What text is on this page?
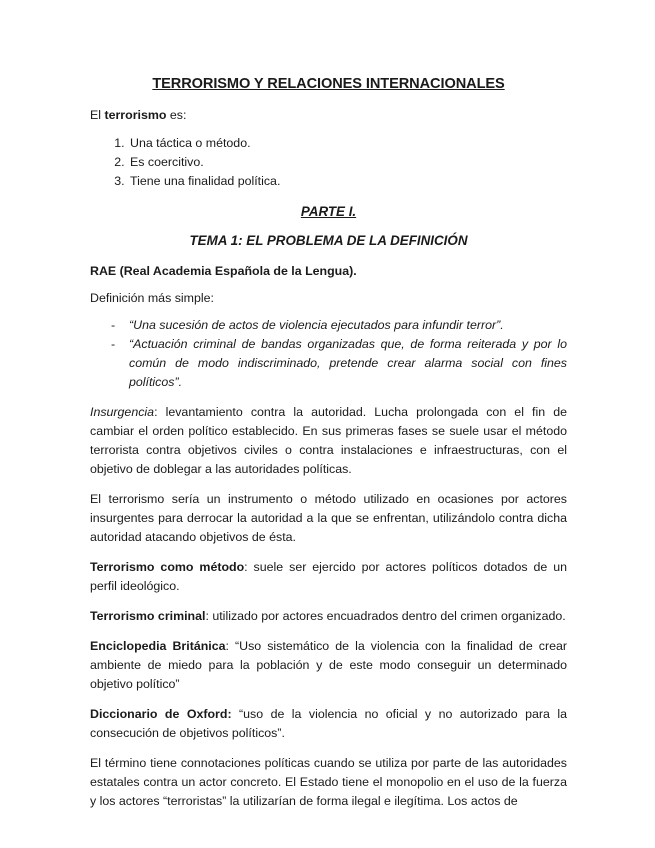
TERRORISMO Y RELACIONES INTERNACIONALES

El terrorismo es:

1. Una táctica o método.
2. Es coercitivo.
3. Tiene una finalidad política.
PARTE I.
TEMA 1: EL PROBLEMA DE LA DEFINICIÓN

RAE (Real Academia Española de la Lengua).

Definición más simple:

- “Una sucesión de actos de violencia ejecutados para infundir terror”.
- “Actuación criminal de bandas organizadas que, de forma reiterada y por lo común de modo indiscriminado, pretende crear alarma social con fines políticos”.

Insurgencia: levantamiento contra la autoridad. Lucha prolongada con el fin de cambiar el orden político establecido. En sus primeras fases se suele usar el método terrorista contra objetivos civiles o contra instalaciones e infraestructuras, con el objetivo de doblegar a las autoridades políticas.

El terrorismo sería un instrumento o método utilizado en ocasiones por actores insurgentes para derrocar la autoridad a la que se enfrentan, utilizándolo contra dicha autoridad atacando objetivos de ésta.

Terrorismo como método: suele ser ejercido por actores políticos dotados de un perfil ideológico.

Terrorismo criminal: utilizado por actores encuadrados dentro del crimen organizado.

Enciclopedia Británica: “Uso sistemático de la violencia con la finalidad de crear ambiente de miedo para la población y de este modo conseguir un determinado objetivo político”

Diccionario de Oxford: “uso de la violencia no oficial y no autorizado para la consecución de objetivos políticos”.

El término tiene connotaciones políticas cuando se utiliza por parte de las autoridades estatales contra un actor concreto. El Estado tiene el monopolio en el uso de la fuerza y los actores “terroristas” la utilizarían de forma ilegal e ilegítima. Los actos de
